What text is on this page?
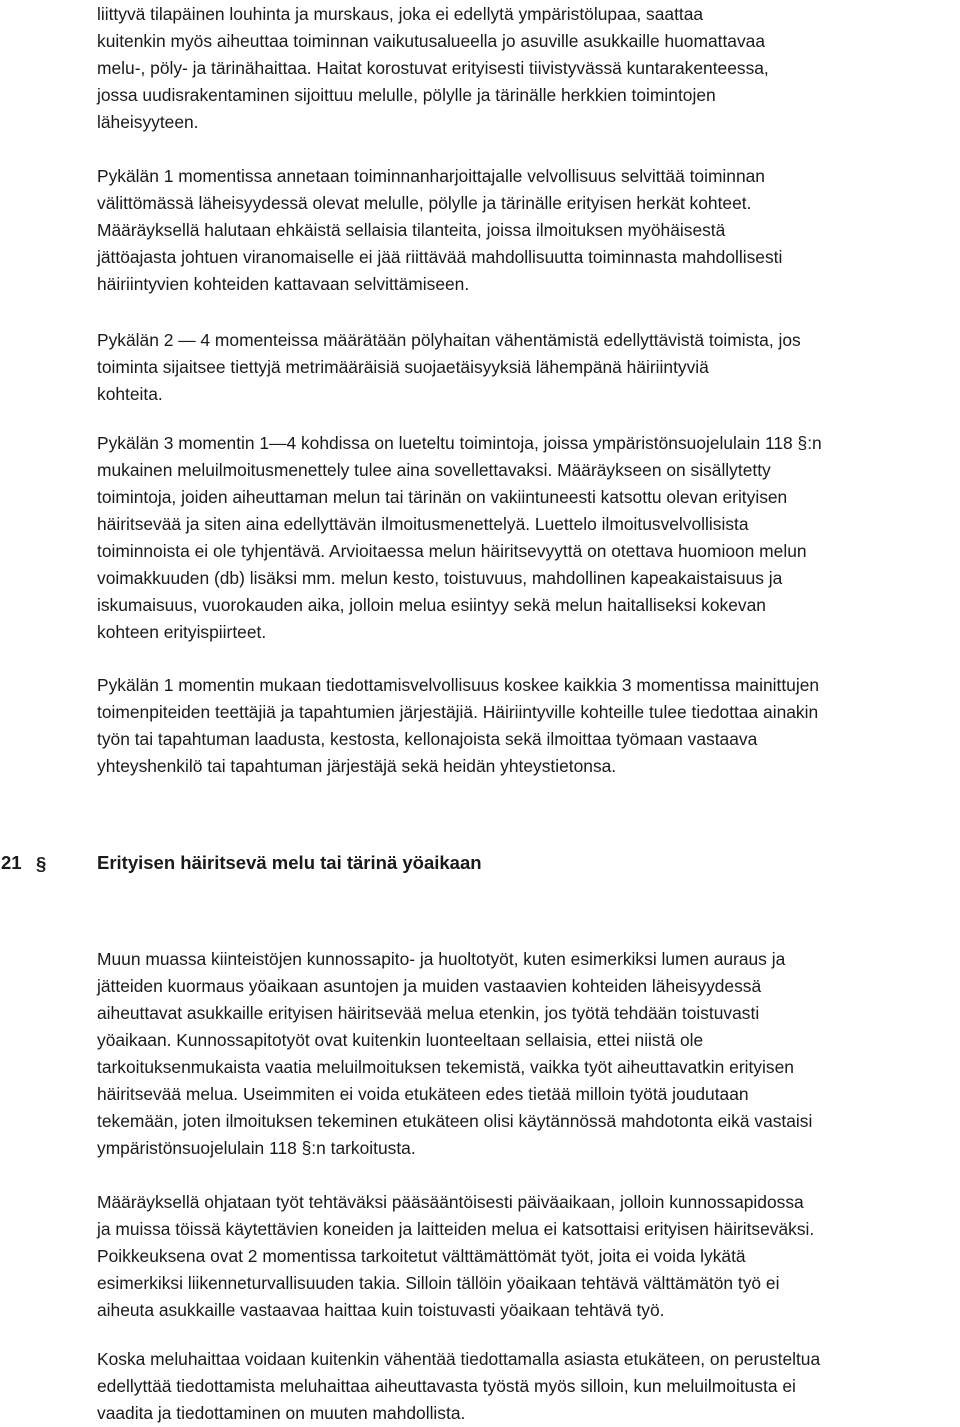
liittyvä tilapäinen louhinta ja murskaus, joka ei edellytä ympäristölupaa, saattaa
kuitenkin myös aiheuttaa toiminnan vaikutusalueella jo asuville asukkaille huomattavaa
melu-, pöly- ja tärinähaittaa. Haitat korostuvat erityisesti tiivistyvässä kuntarakenteessa,
jossa uudisrakentaminen sijoittuu melulle, pölylle ja tärinälle herkkien toimintojen
läheisyyteen.

Pykälän 1 momentissa annetaan toiminnanharjoittajalle velvollisuus selvittää toiminnan
välittömässä läheisyydessä olevat melulle, pölylle ja tärinälle erityisen herkät kohteet.
Määräyksellä halutaan ehkäistä sellaisia tilanteita, joissa ilmoituksen myöhäisestä
jättöajasta johtuen viranomaiselle ei jää riittävää mahdollisuutta toiminnasta mahdollisesti
häiriintyvien kohteiden kattavaan selvittämiseen.

Pykälän 2 — 4 momenteissa määrätään pölyhaitan vähentämistä edellyttävistä toimista, jos
toiminta sijaitsee tiettyjä metrimääräisiä suojaetäisyyksiä lähempänä häiriintyviä
kohteita.

Pykälän 3 momentin 1—4 kohdissa on lueteltu toimintoja, joissa ympäristönsuojelulain 118 §:n
mukainen meluilmoitusmenettely tulee aina sovellettavaksi. Määräykseen on sisällytetty
toimintoja, joiden aiheuttaman melun tai tärinän on vakiintuneesti katsottu olevan erityisen
häiritsevää ja siten aina edellyttävän ilmoitusmenettelyä. Luettelo ilmoitusvelvollisista
toiminnoista ei ole tyhjentävä. Arvioitaessa melun häiritsevyyttä on otettava huomioon melun
voimakkuuden (db) lisäksi mm. melun kesto, toistuvuus, mahdollinen kapeakaistaisuus ja
iskumaisuus, vuorokauden aika, jolloin melua esiintyy sekä melun haitalliseksi kokevan
kohteen erityispiirteet.

Pykälän 1 momentin mukaan tiedottamisvelvollisuus koskee kaikkia 3 momentissa mainittujen
toimenpiteiden teettäjiä ja tapahtumien järjestäjiä. Häiriintyville kohteille tulee tiedottaa ainakin
työn tai tapahtuman laadusta, kestosta, kellonajoista sekä ilmoittaa työmaan vastaava
yhteyshenkilö tai tapahtuman järjestäjä sekä heidän yhteystietonsa.

21 §	Erityisen häiritsevä melu tai tärinä yöaikaan

Muun muassa kiinteistöjen kunnossapito- ja huoltotyöt, kuten esimerkiksi lumen auraus ja
jätteiden kuormaus yöaikaan asuntojen ja muiden vastaavien kohteiden läheisyydessä
aiheuttavat asukkaille erityisen häiritsevää melua etenkin, jos työtä tehdään toistuvasti
yöaikaan. Kunnossapitotyöt ovat kuitenkin luonteeltaan sellaisia, ettei niistä ole
tarkoituksenmukaista vaatia meluilmoituksen tekemistä, vaikka työt aiheuttavatkin erityisen
häiritsevää melua. Useimmiten ei voida etukäteen edes tietää milloin työtä joudutaan
tekemään, joten ilmoituksen tekeminen etukäteen olisi käytännössä mahdotonta eikä vastaisi
ympäristönsuojelulain 118 §:n tarkoitusta.

Määräyksellä ohjataan työt tehtäväksi pääsääntöisesti päiväaikaan, jolloin kunnossapidossa
ja muissa töissä käytettävien koneiden ja laitteiden melua ei katsottaisi erityisen häiritseväksi.
Poikkeuksena ovat 2 momentissa tarkoitetut välttämättömät työt, joita ei voida lykätä
esimerkiksi liikenneturvallisuuden takia. Silloin tällöin yöaikaan tehtävä välttämätön työ ei
aiheuta asukkaille vastaavaa haittaa kuin toistuvasti yöaikaan tehtävä työ.

Koska meluhaittaa voidaan kuitenkin vähentää tiedottamalla asiasta etukäteen, on perusteltua
edellyttää tiedottamista meluhaittaa aiheuttavasta työstä myös silloin, kun meluilmoitusta ei
vaadita ja tiedottaminen on muuten mahdollista.
